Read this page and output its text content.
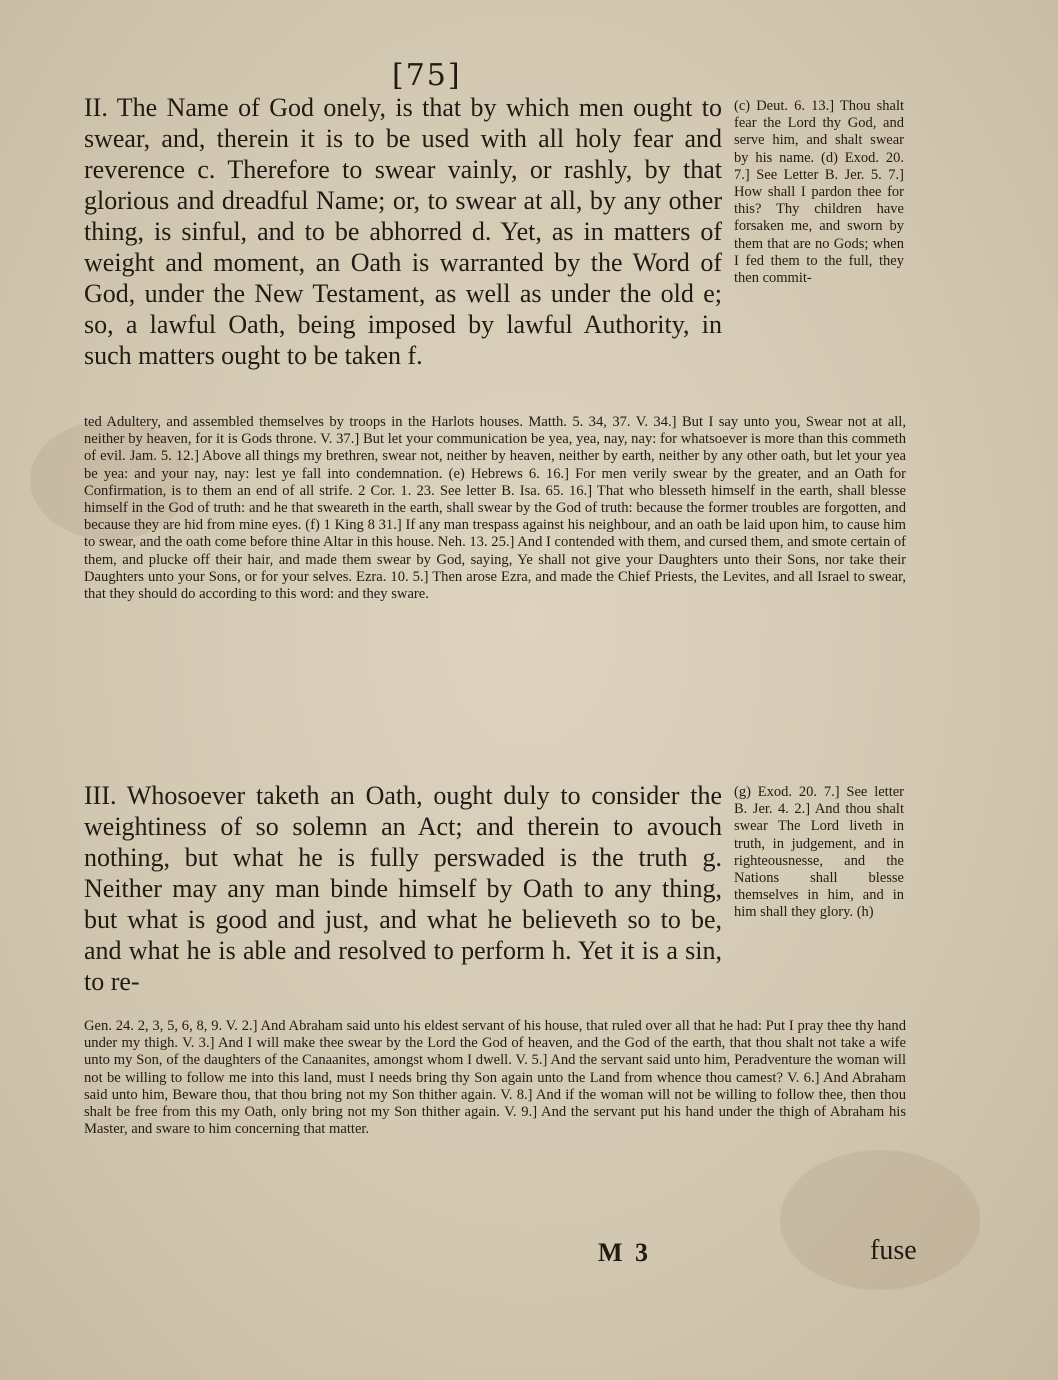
[75]

II. The Name of God onely, is that by which men ought to swear, and, therein it is to be used with all holy fear and reverence c. Therefore to swear vainly, or rashly, by that glorious and dreadful Name; or, to swear at all, by any other thing, is sinful, and to be abhorred d. Yet, as in matters of weight and moment, an Oath is warranted by the Word of God, under the New Testament, as well as under the old e; so, a lawful Oath, being imposed by lawful Authority, in such matters ought to be taken f.

(c) Deut. 6. 13.] Thou shalt fear the Lord thy God, and serve him, and shalt swear by his name. (d) Exod. 20. 7.] See Letter B. Jer. 5. 7.] How shall I pardon thee for this? Thy children have forsaken me, and sworn by them that are no Gods; when I fed them to the full, they then commit-

ted Adultery, and assembled themselves by troops in the Harlots houses. Matth. 5. 34, 37. V. 34.] But I say unto you, Swear not at all, neither by heaven, for it is Gods throne. V. 37.] But let your communication be yea, yea, nay, nay: for whatsoever is more than this commeth of evil. Jam. 5. 12.] Above all things my brethren, swear not, neither by heaven, neither by earth, neither by any other oath, but let your yea be yea: and your nay, nay: lest ye fall into condemnation. (e) Hebrews 6. 16.] For men verily swear by the greater, and an Oath for Confirmation, is to them an end of all strife. 2 Cor. 1. 23. See letter B. Isa. 65. 16.] That who blesseth himself in the earth, shall blesse himself in the God of truth: and he that sweareth in the earth, shall swear by the God of truth: because the former troubles are forgotten, and because they are hid from mine eyes. (f) 1 King 8 31.] If any man trespass against his neighbour, and an oath be laid upon him, to cause him to swear, and the oath come before thine Altar in this house. Neh. 13. 25.] And I contended with them, and cursed them, and smote certain of them, and plucke off their hair, and made them swear by God, saying, Ye shall not give your Daughters unto their Sons, nor take their Daughters unto your Sons, or for your selves. Ezra. 10. 5.] Then arose Ezra, and made the Chief Priests, the Levites, and all Israel to swear, that they should do according to this word: and they sware.

III. Whosoever taketh an Oath, ought duly to consider the weightiness of so solemn an Act; and therein to avouch nothing, but what he is fully perswaded is the truth g. Neither may any man binde himself by Oath to any thing, but what is good and just, and what he believeth so to be, and what he is able and resolved to perform h. Yet it is a sin, to re-

(g) Exod. 20. 7.] See letter B. Jer. 4. 2.] And thou shalt swear The Lord liveth in truth, in judgement, and in righteousnesse, and the Nations shall blesse themselves in him, and in him shall they glory. (h)

Gen. 24. 2, 3, 5, 6, 8, 9. V. 2.] And Abraham said unto his eldest servant of his house, that ruled over all that he had: Put I pray thee thy hand under my thigh. V. 3.] And I will make thee swear by the Lord the God of heaven, and the God of the earth, that thou shalt not take a wife unto my Son, of the daughters of the Canaanites, amongst whom I dwell. V. 5.] And the servant said unto him, Peradventure the woman will not be willing to follow me into this land, must I needs bring thy Son again unto the Land from whence thou camest? V. 6.] And Abraham said unto him, Beware thou, that thou bring not my Son thither again. V. 8.] And if the woman will not be willing to follow thee, then thou shalt be free from this my Oath, only bring not my Son thither again. V. 9.] And the servant put his hand under the thigh of Abraham his Master, and sware to him concerning that matter.

M 3	fuse
